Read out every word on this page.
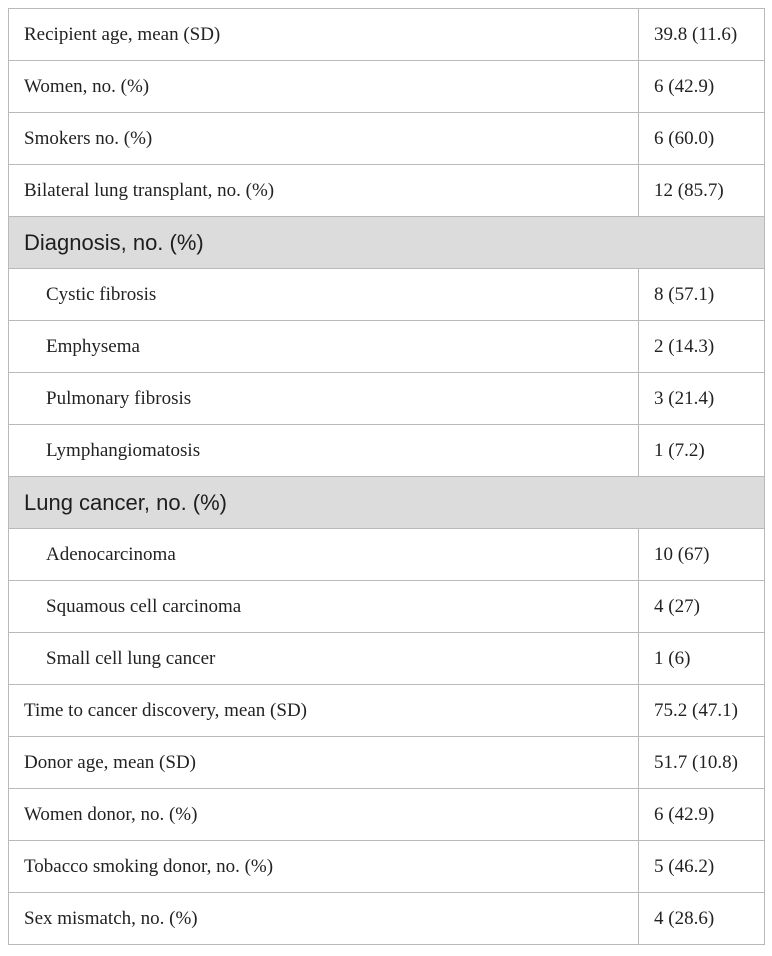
Recipient age, mean (SD)	39.8 (11.6)
Women, no. (%)	6 (42.9)
Smokers no. (%)	6 (60.0)
Bilateral lung transplant, no. (%)	12 (85.7)
Diagnosis, no. (%)	
Cystic fibrosis	8 (57.1)
Emphysema	2 (14.3)
Pulmonary fibrosis	3 (21.4)
Lymphangiomatosis	1 (7.2)
Lung cancer, no. (%)	
Adenocarcinoma	10 (67)
Squamous cell carcinoma	4 (27)
Small cell lung cancer	1 (6)
Time to cancer discovery, mean (SD)	75.2 (47.1)
Donor age, mean (SD)	51.7 (10.8)
Women donor, no. (%)	6 (42.9)
Tobacco smoking donor, no. (%)	5 (46.2)
Sex mismatch, no. (%)	4 (28.6)
